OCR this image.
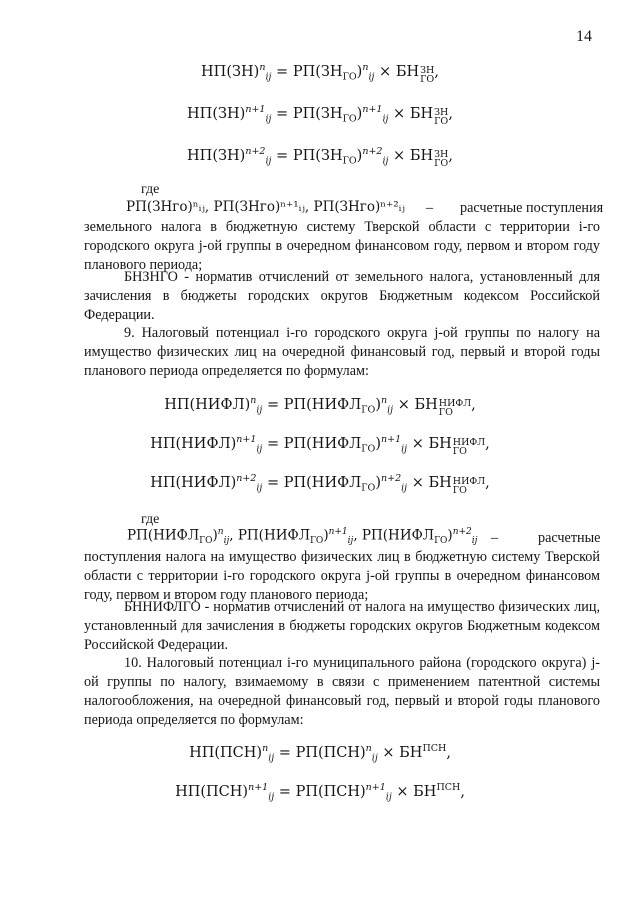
14
$НП(ЗН)^n_{ij} = РП(ЗН_{ГО})^n_{ij}$ × БН ЗН
ГО ,
$НП(ЗН)^{n+1}_{ij} = РП(ЗН_{ГО})^{n+1}_{ij}$ × БН ЗН
ГО ,
$НП(ЗН)^{n+2}_{ij} = РП(ЗН_{ГО})^{n+2}_{ij}$ × БН ЗН
ГО ,
где
РП(ЗНго)ⁿᵢⱼ, РП(ЗНго)ⁿ⁺¹ᵢⱼ, РП(ЗНго)ⁿ⁺²ᵢⱼ – расчетные поступления
земельного налога в бюджетную систему Тверской области с территории i-го городского округа j-ой группы в очередном финансовом году, первом и втором году планового периода;
БНЗНГО - норматив отчислений от земельного налога, установленный для зачисления в бюджеты городских округов Бюджетным кодексом Российской Федерации.
9. Налоговый потенциал i-го городского округа j-ой группы по налогу на имущество физических лиц на очередной финансовый год, первый и второй годы планового периода определяется по формулам:
НП(НИФЛ)$^n_{ij}$ = $РП(НИФЛ_{ГО})^n_{ij}$ × БН НИФЛ
ГО	,
НП(НИФЛ)$^{n+1}_{ij}$ = $РП(НИФЛ_{ГО})^{n+1}_{ij}$ × БН НИФЛ
ГО	,
НП(НИФЛ)$^{n+2}_{ij}$ = $РП(НИФЛ_{ГО})^{n+2}_{ij}$ × БН НИФЛ
ГО	,
где
$РП(НИФЛ_{ГО})^n_{ij}$, $РП(НИФЛ_{ГО})^{n+1}_{ij}$, $РП(НИФЛ_{ГО})^{n+2}_{ij}$ –	расчетные
поступления налога на имущество физических лиц в бюджетную систему Тверской области с территории i-го городского округа j-ой группы в очередном финансовом году, первом и втором году планового периода;
БННИФЛГО - норматив отчислений от налога на имущество физических лиц, установленный для зачисления в бюджеты городских округов Бюджетным кодексом Российской Федерации.
10. Налоговый потенциал i-го муниципального района (городского округа) j-ой группы по налогу, взимаемому в связи с применением патентной системы налогообложения, на очередной финансовый год, первый и второй годы планового периода определяется по формулам:
$НП(ПСН)^n_{ij} = РП(ПСН)^n_{ij} \times БН^{ПСН}$,
$НП(ПСН)^{n+1}_{ij} = РП(ПСН)^{n+1}_{ij} \times БН^{ПСН}$,
